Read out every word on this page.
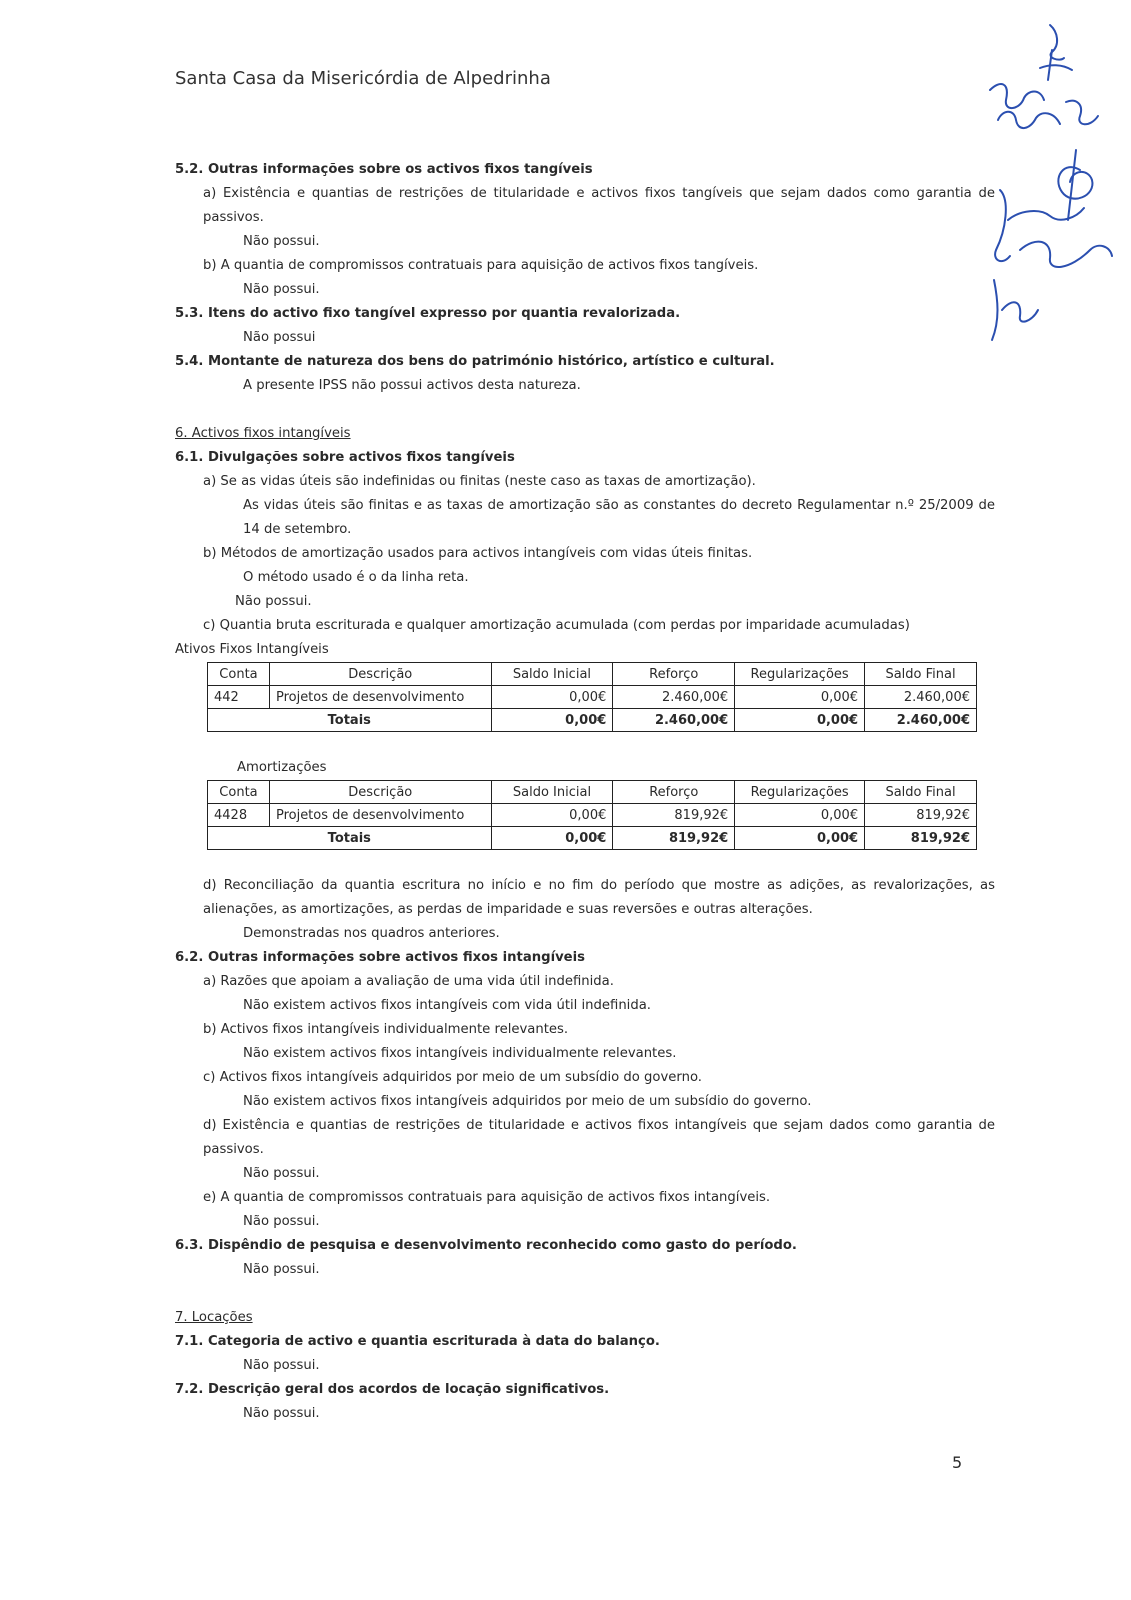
Santa Casa da Misericórdia de Alpedrinha
5.2. Outras informações sobre os activos fixos tangíveis
a) Existência e quantias de restrições de titularidade e activos fixos tangíveis que sejam dados como garantia de passivos.
Não possui.
b) A quantia de compromissos contratuais para aquisição de activos fixos tangíveis.
Não possui.
5.3. Itens do activo fixo tangível expresso por quantia revalorizada.
Não possui
5.4. Montante de natureza dos bens do património histórico, artístico e cultural.
A presente IPSS não possui activos desta natureza.
6. Activos fixos intangíveis
6.1. Divulgações sobre activos fixos tangíveis
a) Se as vidas úteis são indefinidas ou finitas (neste caso as taxas de amortização).
As vidas úteis são finitas e as taxas de amortização são as constantes do decreto Regulamentar n.º 25/2009 de 14 de setembro.
b) Métodos de amortização usados para activos intangíveis com vidas úteis finitas.
O método usado é o da linha reta.
Não possui.
c) Quantia bruta escriturada e qualquer amortização acumulada (com perdas por imparidade acumuladas)
Ativos Fixos Intangíveis
Conta	Descrição	Saldo Inicial	Reforço	Regularizações	Saldo Final
442	Projetos de desenvolvimento	0,00€	2.460,00€	0,00€	2.460,00€
Totais		0,00€	2.460,00€	0,00€	2.460,00€
Amortizações
Conta	Descrição	Saldo Inicial	Reforço	Regularizações	Saldo Final
4428	Projetos de desenvolvimento	0,00€	819,92€	0,00€	819,92€
Totais		0,00€	819,92€	0,00€	819,92€
d) Reconciliação da quantia escritura no início e no fim do período que mostre as adições, as revalorizações, as alienações, as amortizações, as perdas de imparidade e suas reversões e outras alterações.
Demonstradas nos quadros anteriores.
6.2. Outras informações sobre activos fixos intangíveis
a) Razões que apoiam a avaliação de uma vida útil indefinida.
Não existem activos fixos intangíveis com vida útil indefinida.
b) Activos fixos intangíveis individualmente relevantes.
Não existem activos fixos intangíveis individualmente relevantes.
c) Activos fixos intangíveis adquiridos por meio de um subsídio do governo.
Não existem activos fixos intangíveis adquiridos por meio de um subsídio do governo.
d) Existência e quantias de restrições de titularidade e activos fixos intangíveis que sejam dados como garantia de passivos.
Não possui.
e) A quantia de compromissos contratuais para aquisição de activos fixos intangíveis.
Não possui.
6.3. Dispêndio de pesquisa e desenvolvimento reconhecido como gasto do período.
Não possui.
7. Locações
7.1. Categoria de activo e quantia escriturada à data do balanço.
Não possui.
7.2. Descrição geral dos acordos de locação significativos.
Não possui.
5
